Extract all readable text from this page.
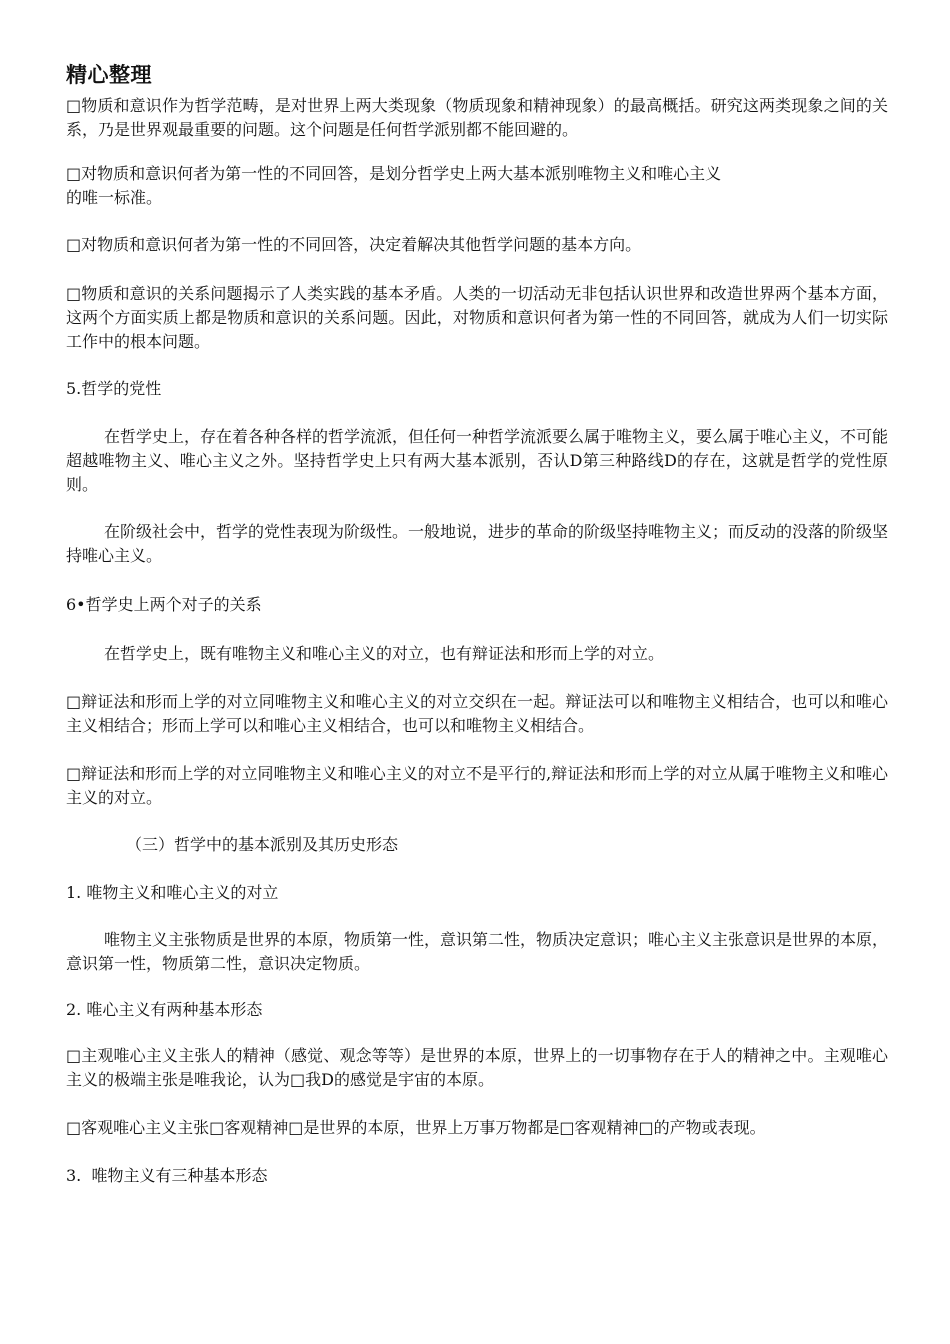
精心整理
□物质和意识作为哲学范畴，是对世界上两大类现象（物质现象和精神现象）的最高概括。研究这两类现象之间的关系，乃是世界观最重要的问题。这个问题是任何哲学派别都不能回避的。
□对物质和意识何者为第一性的不同回答，是划分哲学史上两大基本派别唯物主义和唯心主义
的唯一标准。
□对物质和意识何者为第一性的不同回答，决定着解决其他哲学问题的基本方向。
□物质和意识的关系问题揭示了人类实践的基本矛盾。人类的一切活动无非包括认识世界和改造世界两个基本方面，这两个方面实质上都是物质和意识的关系问题。因此，对物质和意识何者为第一性的不同回答，就成为人们一切实际工作中的根本问题。
5.哲学的党性
在哲学史上，存在着各种各样的哲学流派，但任何一种哲学流派要么属于唯物主义，要么属于唯心主义，不可能超越唯物主义、唯心主义之外。坚持哲学史上只有两大基本派别，否认D第三种路线D的存在，这就是哲学的党性原则。
在阶级社会中，哲学的党性表现为阶级性。一般地说，进步的革命的阶级坚持唯物主义；而反动的没落的阶级坚持唯心主义。
6•哲学史上两个对子的关系
在哲学史上，既有唯物主义和唯心主义的对立，也有辩证法和形而上学的对立。
□辩证法和形而上学的对立同唯物主义和唯心主义的对立交织在一起。辩证法可以和唯物主义相结合，也可以和唯心主义相结合；形而上学可以和唯心主义相结合，也可以和唯物主义相结合。
□辩证法和形而上学的对立同唯物主义和唯心主义的对立不是平行的,辩证法和形而上学的对立从属于唯物主义和唯心主义的对立。
（三）哲学中的基本派别及其历史形态
1. 唯物主义和唯心主义的对立
唯物主义主张物质是世界的本原，物质第一性，意识第二性，物质决定意识；唯心主义主张意识是世界的本原，意识第一性，物质第二性，意识决定物质。
2. 唯心主义有两种基本形态
□主观唯心主义主张人的精神（感觉、观念等等）是世界的本原，世界上的一切事物存在于人的精神之中。主观唯心主义的极端主张是唯我论，认为□我D的感觉是宇宙的本原。
□客观唯心主义主张□客观精神□是世界的本原，世界上万事万物都是□客观精神□的产物或表现。
3.  唯物主义有三种基本形态
